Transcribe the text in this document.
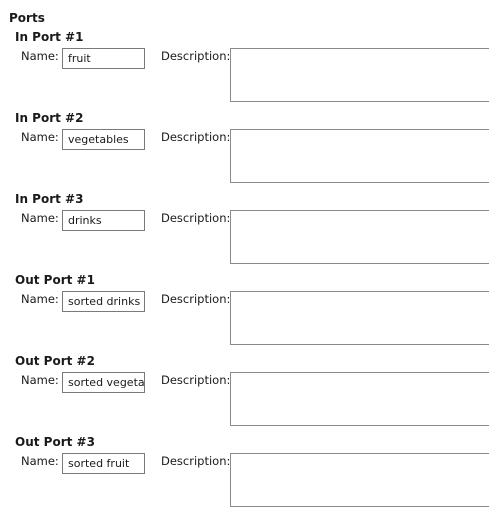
Ports
In Port #1
Name:
fruit	Description:
In Port #2
Name:
vegetables	Description:
In Port #3
Name:
drinks	Description:
Out Port #1
Name:
sorted drinks	Description:
Out Port #2
Name:
sorted vegetables	Description:
Out Port #3
Name:
sorted fruit	Description:
